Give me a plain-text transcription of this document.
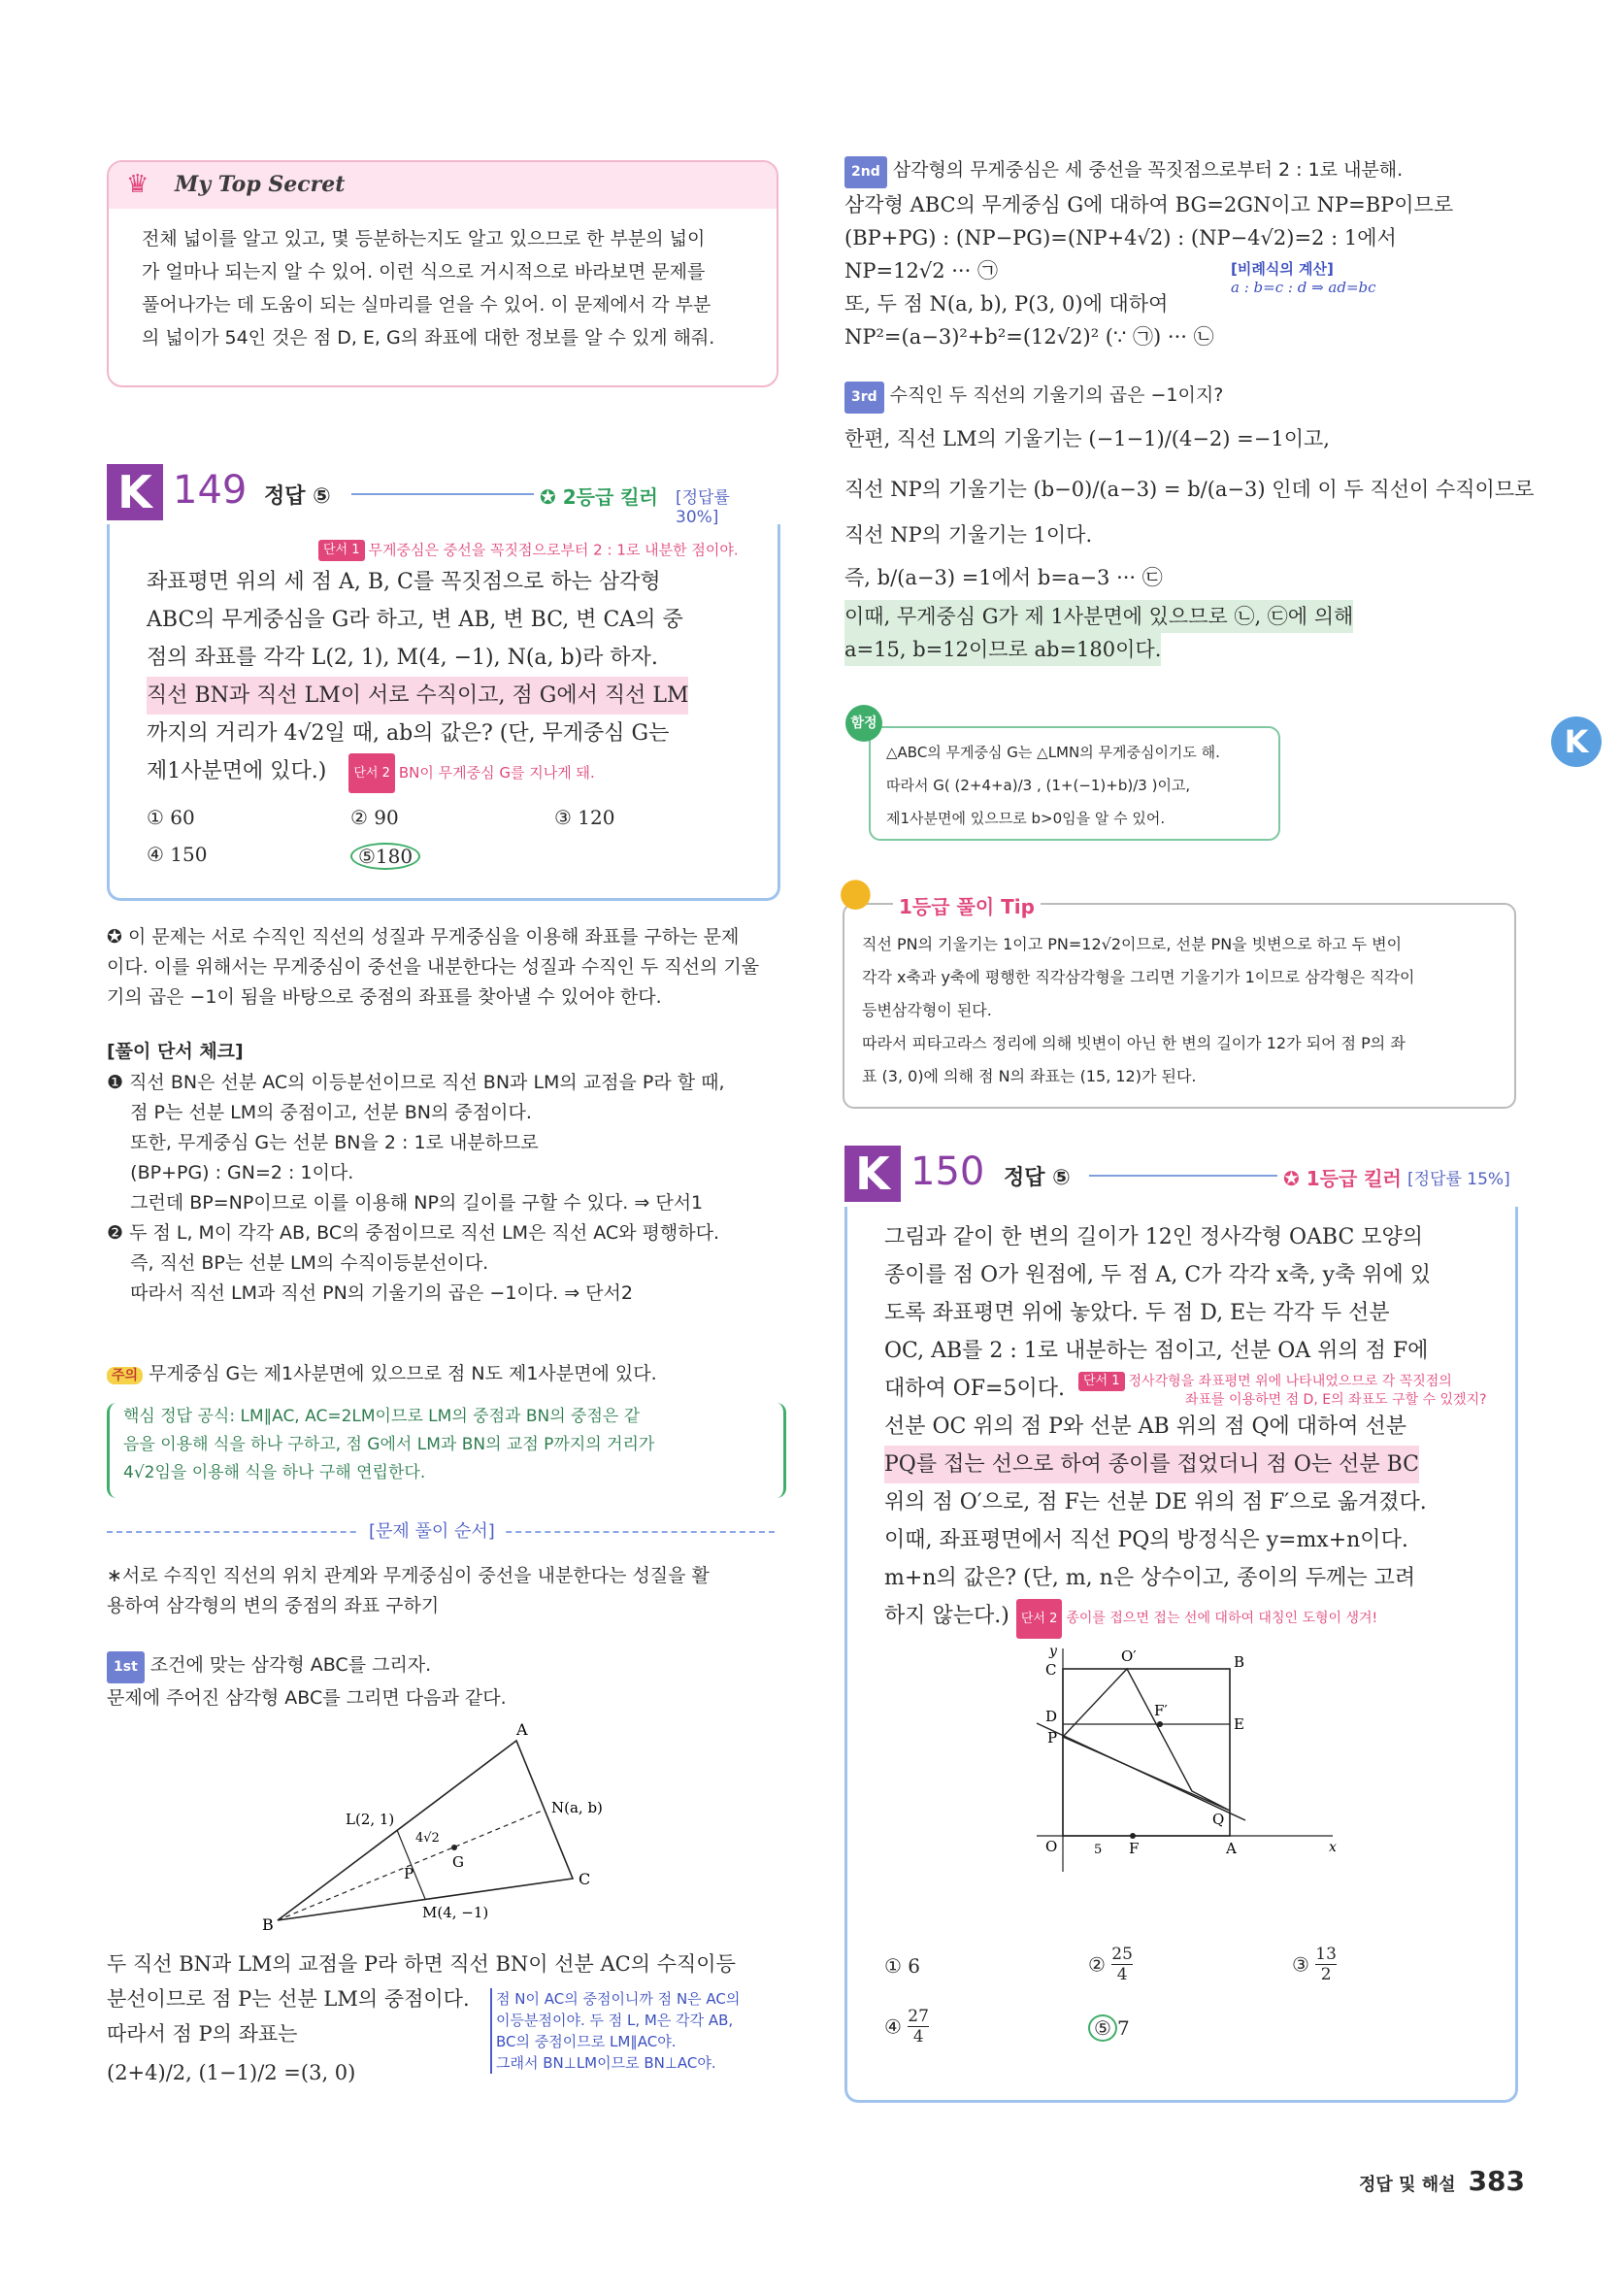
♛ My Top Secret
전체 넓이를 알고 있고, 몇 등분하는지도 알고 있으므로 한 부분의 넓이
가 얼마나 되는지 알 수 있어. 이런 식으로 거시적으로 바라보면 문제를
풀어나가는 데 도움이 되는 실마리를 얻을 수 있어. 이 문제에서 각 부분
의 넓이가 54인 것은 점 D, E, G의 좌표에 대한 정보를 알 수 있게 해줘.
K 149 정답 ⑤	✪ 2등급 킬러 [정답률 30%]
단서 1 무게중심은 중선을 꼭짓점으로부터 2 : 1로 내분한 점이야.
좌표평면 위의 세 점 A, B, C를 꼭짓점으로 하는 삼각형
ABC의 무게중심을 G라 하고, 변 AB, 변 BC, 변 CA의 중
점의 좌표를 각각 L(2, 1), M(4, −1), N(a, b)라 하자.
직선 BN과 직선 LM이 서로 수직이고, 점 G에서 직선 LM
까지의 거리가 4√2일 때, ab의 값은? (단, 무게중심 G는
제1사분면에 있다.) 단서 2 BN이 무게중심 G를 지나게 돼.
① 60	② 90	③ 120
④ 150	⑤180
✪ 이 문제는 서로 수직인 직선의 성질과 무게중심을 이용해 좌표를 구하는 문제
이다. 이를 위해서는 무게중심이 중선을 내분한다는 성질과 수직인 두 직선의 기울
기의 곱은 −1이 됨을 바탕으로 중점의 좌표를 찾아낼 수 있어야 한다.
[풀이 단서 체크]
❶ 직선 BN은 선분 AC의 이등분선이므로 직선 BN과 LM의 교점을 P라 할 때,
점 P는 선분 LM의 중점이고, 선분 BN의 중점이다.
또한, 무게중심 G는 선분 BN을 2 : 1로 내분하므로
(BP+PG) : GN=2 : 1이다.
그런데 BP=NP이므로 이를 이용해 NP의 길이를 구할 수 있다. ⇒ 단서1
❷ 두 점 L, M이 각각 AB, BC의 중점이므로 직선 LM은 직선 AC와 평행하다.
즉, 직선 BP는 선분 LM의 수직이등분선이다.
따라서 직선 LM과 직선 PN의 기울기의 곱은 −1이다. ⇒ 단서2
주의 무게중심 G는 제1사분면에 있으므로 점 N도 제1사분면에 있다.
핵심 정답 공식: LM∥AC, AC=2LM이므로 LM의 중점과 BN의 중점은 같
음을 이용해 식을 하나 구하고, 점 G에서 LM과 BN의 교점 P까지의 거리가
4√2임을 이용해 식을 하나 구해 연립한다.
[문제 풀이 순서]
∗서로 수직인 직선의 위치 관계와 무게중심이 중선을 내분한다는 성질을 활
용하여 삼각형의 변의 중점의 좌표 구하기
1st 조건에 맞는 삼각형 ABC를 그리자.
문제에 주어진 삼각형 ABC를 그리면 다음과 같다.
A
B
C
L(2, 1)
M(4, −1)
N(a, b)
P
G
4√2
두 직선 BN과 LM의 교점을 P라 하면 직선 BN이 선분 AC의 수직이등
분선이므로 점 P는 선분 LM의 중점이다.
따라서 점 P의 좌표는
(2+4)/2, (1−1)/2 =(3, 0)
점 N이 AC의 중점이니까 점 N은 AC의
이등분점이야. 두 점 L, M은 각각 AB,
BC의 중점이므로 LM∥AC야.
그래서 BN⊥LM이므로 BN⊥AC야.
2nd 삼각형의 무게중심은 세 중선을 꼭짓점으로부터 2 : 1로 내분해.
삼각형 ABC의 무게중심 G에 대하여 BG=2GN이고 NP=BP이므로
(BP+PG) : (NP−PG)=(NP+4√2) : (NP−4√2)=2 : 1에서
NP=12√2 ··· ㉠
또, 두 점 N(a, b), P(3, 0)에 대하여
NP²=(a−3)²+b²=(12√2)² (∵ ㉠) ··· ㉡
[비례식의 계산]
a : b=c : d ⇒ ad=bc
3rd 수직인 두 직선의 기울기의 곱은 −1이지?
한편, 직선 LM의 기울기는 (−1−1)/(4−2) =−1이고,
직선 NP의 기울기는 (b−0)/(a−3) = b/(a−3) 인데 이 두 직선이 수직이므로
직선 NP의 기울기는 1이다.
즉, b/(a−3) =1에서 b=a−3 ··· ㉢
이때, 무게중심 G가 제 1사분면에 있으므로 ㉡, ㉢에 의해
a=15, b=12이므로 ab=180이다.
함정
△ABC의 무게중심 G는 △LMN의 무게중심이기도 해.
따라서 G( (2+4+a)/3 , (1+(−1)+b)/3 )이고,
제1사분면에 있으므로 b>0임을 알 수 있어.
●	1등급 풀이 Tip
직선 PN의 기울기는 1이고 PN=12√2이므로, 선분 PN을 빗변으로 하고 두 변이
각각 x축과 y축에 평행한 직각삼각형을 그리면 기울기가 1이므로 삼각형은 직각이
등변삼각형이 된다.
따라서 피타고라스 정리에 의해 빗변이 아닌 한 변의 길이가 12가 되어 점 P의 좌
표 (3, 0)에 의해 점 N의 좌표는 (15, 12)가 된다.
K 150 정답 ⑤	✪ 1등급 킬러 [정답률 15%]
그림과 같이 한 변의 길이가 12인 정사각형 OABC 모양의
종이를 점 O가 원점에, 두 점 A, C가 각각 x축, y축 위에 있
도록 좌표평면 위에 놓았다. 두 점 D, E는 각각 두 선분
OC, AB를 2 : 1로 내분하는 점이고, 선분 OA 위의 점 F에
대하여 OF=5이다.
선분 OC 위의 점 P와 선분 AB 위의 점 Q에 대하여 선분
PQ를 접는 선으로 하여 종이를 접었더니 점 O는 선분 BC
위의 점 O′으로, 점 F는 선분 DE 위의 점 F′으로 옮겨졌다.
이때, 좌표평면에서 직선 PQ의 방정식은 y=mx+n이다.
m+n의 값은? (단, m, n은 상수이고, 종이의 두께는 고려
하지 않는다.) 단서 2 종이를 접으면 접는 선에 대하여 대칭인 도형이 생겨!
단서 1 정사각형을 좌표평면 위에 나타내었으므로 각 꼭짓점의
좌표를 이용하면 점 D, E의 좌표도 구할 수 있겠지?
y
x
C
O′	B
D	F′
E
P
Q
O	5 F	A
① 6	② $\frac{25}{4}$	③ $\frac{13}{2}$
④ $\frac{27}{4}$	⑤ 7
K
정답 및 해설 383
